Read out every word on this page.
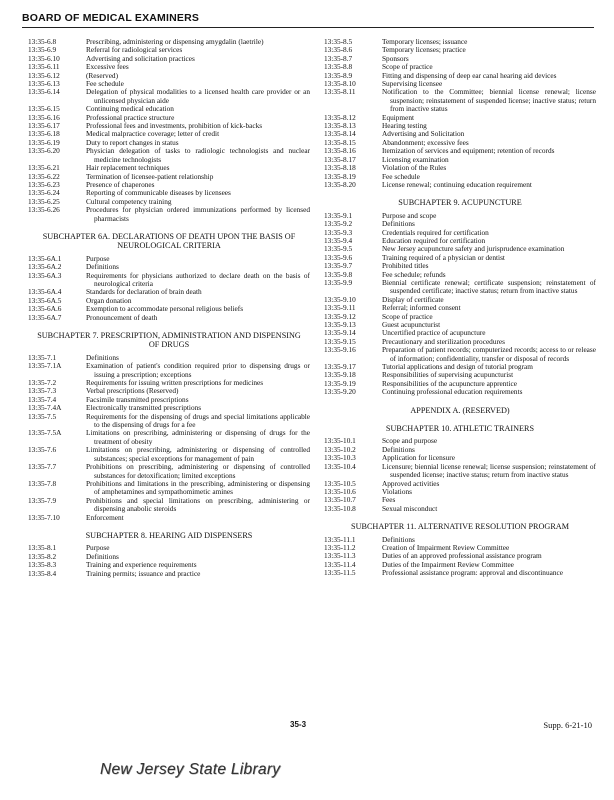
BOARD OF MEDICAL EXAMINERS
13:35-6.8	Prescribing, administering or dispensing amygdalin (laetrile)
13:35-6.9	Referral for radiological services
13:35-6.10	Advertising and solicitation practices
13:35-6.11	Excessive fees
13:35-6.12	(Reserved)
13:35-6.13	Fee schedule
13:35-6.14	Delegation of physical modalities to a licensed health care provider or an unlicensed physician aide
13:35-6.15	Continuing medical education
13:35-6.16	Professional practice structure
13:35-6.17	Professional fees and investments, prohibition of kick-backs
13:35-6.18	Medical malpractice coverage; letter of credit
13:35-6.19	Duty to report changes in status
13:35-6.20	Physician delegation of tasks to radiologic technologists and nuclear medicine technologists
13:35-6.21	Hair replacement techniques
13:35-6.22	Termination of licensee-patient relationship
13:35-6.23	Presence of chaperones
13:35-6.24	Reporting of communicable diseases by licensees
13:35-6.25	Cultural competency training
13:35-6.26	Procedures for physician ordered immunizations performed by licensed pharmacists
SUBCHAPTER 6A. DECLARATIONS OF DEATH UPON THE BASIS OF NEUROLOGICAL CRITERIA
13:35-6A.1	Purpose
13:35-6A.2	Definitions
13:35-6A.3	Requirements for physicians authorized to declare death on the basis of neurological criteria
13:35-6A.4	Standards for declaration of brain death
13:35-6A.5	Organ donation
13:35-6A.6	Exemption to accommodate personal religious beliefs
13:35-6A.7	Pronouncement of death
SUBCHAPTER 7. PRESCRIPTION, ADMINISTRATION AND DISPENSING OF DRUGS
13:35-7.1	Definitions
13:35-7.1A	Examination of patient's condition required prior to dispensing drugs or issuing a prescription; exceptions
13:35-7.2	Requirements for issuing written prescriptions for medicines
13:35-7.3	Verbal prescriptions (Reserved)
13:35-7.4	Facsimile transmitted prescriptions
13:35-7.4A	Electronically transmitted prescriptions
13:35-7.5	Requirements for the dispensing of drugs and special limitations applicable to the dispensing of drugs for a fee
13:35-7.5A	Limitations on prescribing, administering or dispensing of drugs for the treatment of obesity
13:35-7.6	Limitations on prescribing, administering or dispensing of controlled substances; special exceptions for management of pain
13:35-7.7	Prohibitions on prescribing, administering or dispensing of controlled substances for detoxification; limited exceptions
13:35-7.8	Prohibitions and limitations in the prescribing, administering or dispensing of amphetamines and sympathomimetic amines
13:35-7.9	Prohibitions and special limitations on prescribing, administering or dispensing anabolic steroids
13:35-7.10	Enforcement
SUBCHAPTER 8. HEARING AID DISPENSERS
13:35-8.1	Purpose
13:35-8.2	Definitions
13:35-8.3	Training and experience requirements
13:35-8.4	Training permits; issuance and practice
13:35-8.5	Temporary licenses; issuance
13:35-8.6	Temporary licenses; practice
13:35-8.7	Sponsors
13:35-8.8	Scope of practice
13:35-8.9	Fitting and dispensing of deep ear canal hearing aid devices
13:35-8.10	Supervising licensee
13:35-8.11	Notification to the Committee; biennial license renewal; license suspension; reinstatement of suspended license; inactive status; return from inactive status
13:35-8.12	Equipment
13:35-8.13	Hearing testing
13:35-8.14	Advertising and Solicitation
13:35-8.15	Abandonment; excessive fees
13:35-8.16	Itemization of services and equipment; retention of records
13:35-8.17	Licensing examination
13:35-8.18	Violation of the Rules
13:35-8.19	Fee schedule
13:35-8.20	License renewal; continuing education requirement
SUBCHAPTER 9. ACUPUNCTURE
13:35-9.1	Purpose and scope
13:35-9.2	Definitions
13:35-9.3	Credentials required for certification
13:35-9.4	Education required for certification
13:35-9.5	New Jersey acupuncture safety and jurisprudence examination
13:35-9.6	Training required of a physician or dentist
13:35-9.7	Prohibited titles
13:35-9.8	Fee schedule; refunds
13:35-9.9	Biennial certificate renewal; certificate suspension; reinstatement of suspended certificate; inactive status; return from inactive status
13:35-9.10	Display of certificate
13:35-9.11	Referral; informed consent
13:35-9.12	Scope of practice
13:35-9.13	Guest acupuncturist
13:35-9.14	Uncertified practice of acupuncture
13:35-9.15	Precautionary and sterilization procedures
13:35-9.16	Preparation of patient records; computerized records; access to or release of information; confidentiality, transfer or disposal of records
13:35-9.17	Tutorial applications and design of tutorial program
13:35-9.18	Responsibilities of supervising acupuncturist
13:35-9.19	Responsibilities of the acupuncture apprentice
13:35-9.20	Continuing professional education requirements
APPENDIX A. (RESERVED)
SUBCHAPTER 10. ATHLETIC TRAINERS
13:35-10.1	Scope and purpose
13:35-10.2	Definitions
13:35-10.3	Application for licensure
13:35-10.4	Licensure; biennial license renewal; license suspension; reinstatement of suspended license; inactive status; return from inactive status
13:35-10.5	Approved activities
13:35-10.6	Violations
13:35-10.7	Fees
13:35-10.8	Sexual misconduct
SUBCHAPTER 11. ALTERNATIVE RESOLUTION PROGRAM
13:35-11.1	Definitions
13:35-11.2	Creation of Impairment Review Committee
13:35-11.3	Duties of an approved professional assistance program
13:35-11.4	Duties of the Impairment Review Committee
13:35-11.5	Professional assistance program: approval and discontinuance
35-3	Supp. 6-21-10
New Jersey State Library
